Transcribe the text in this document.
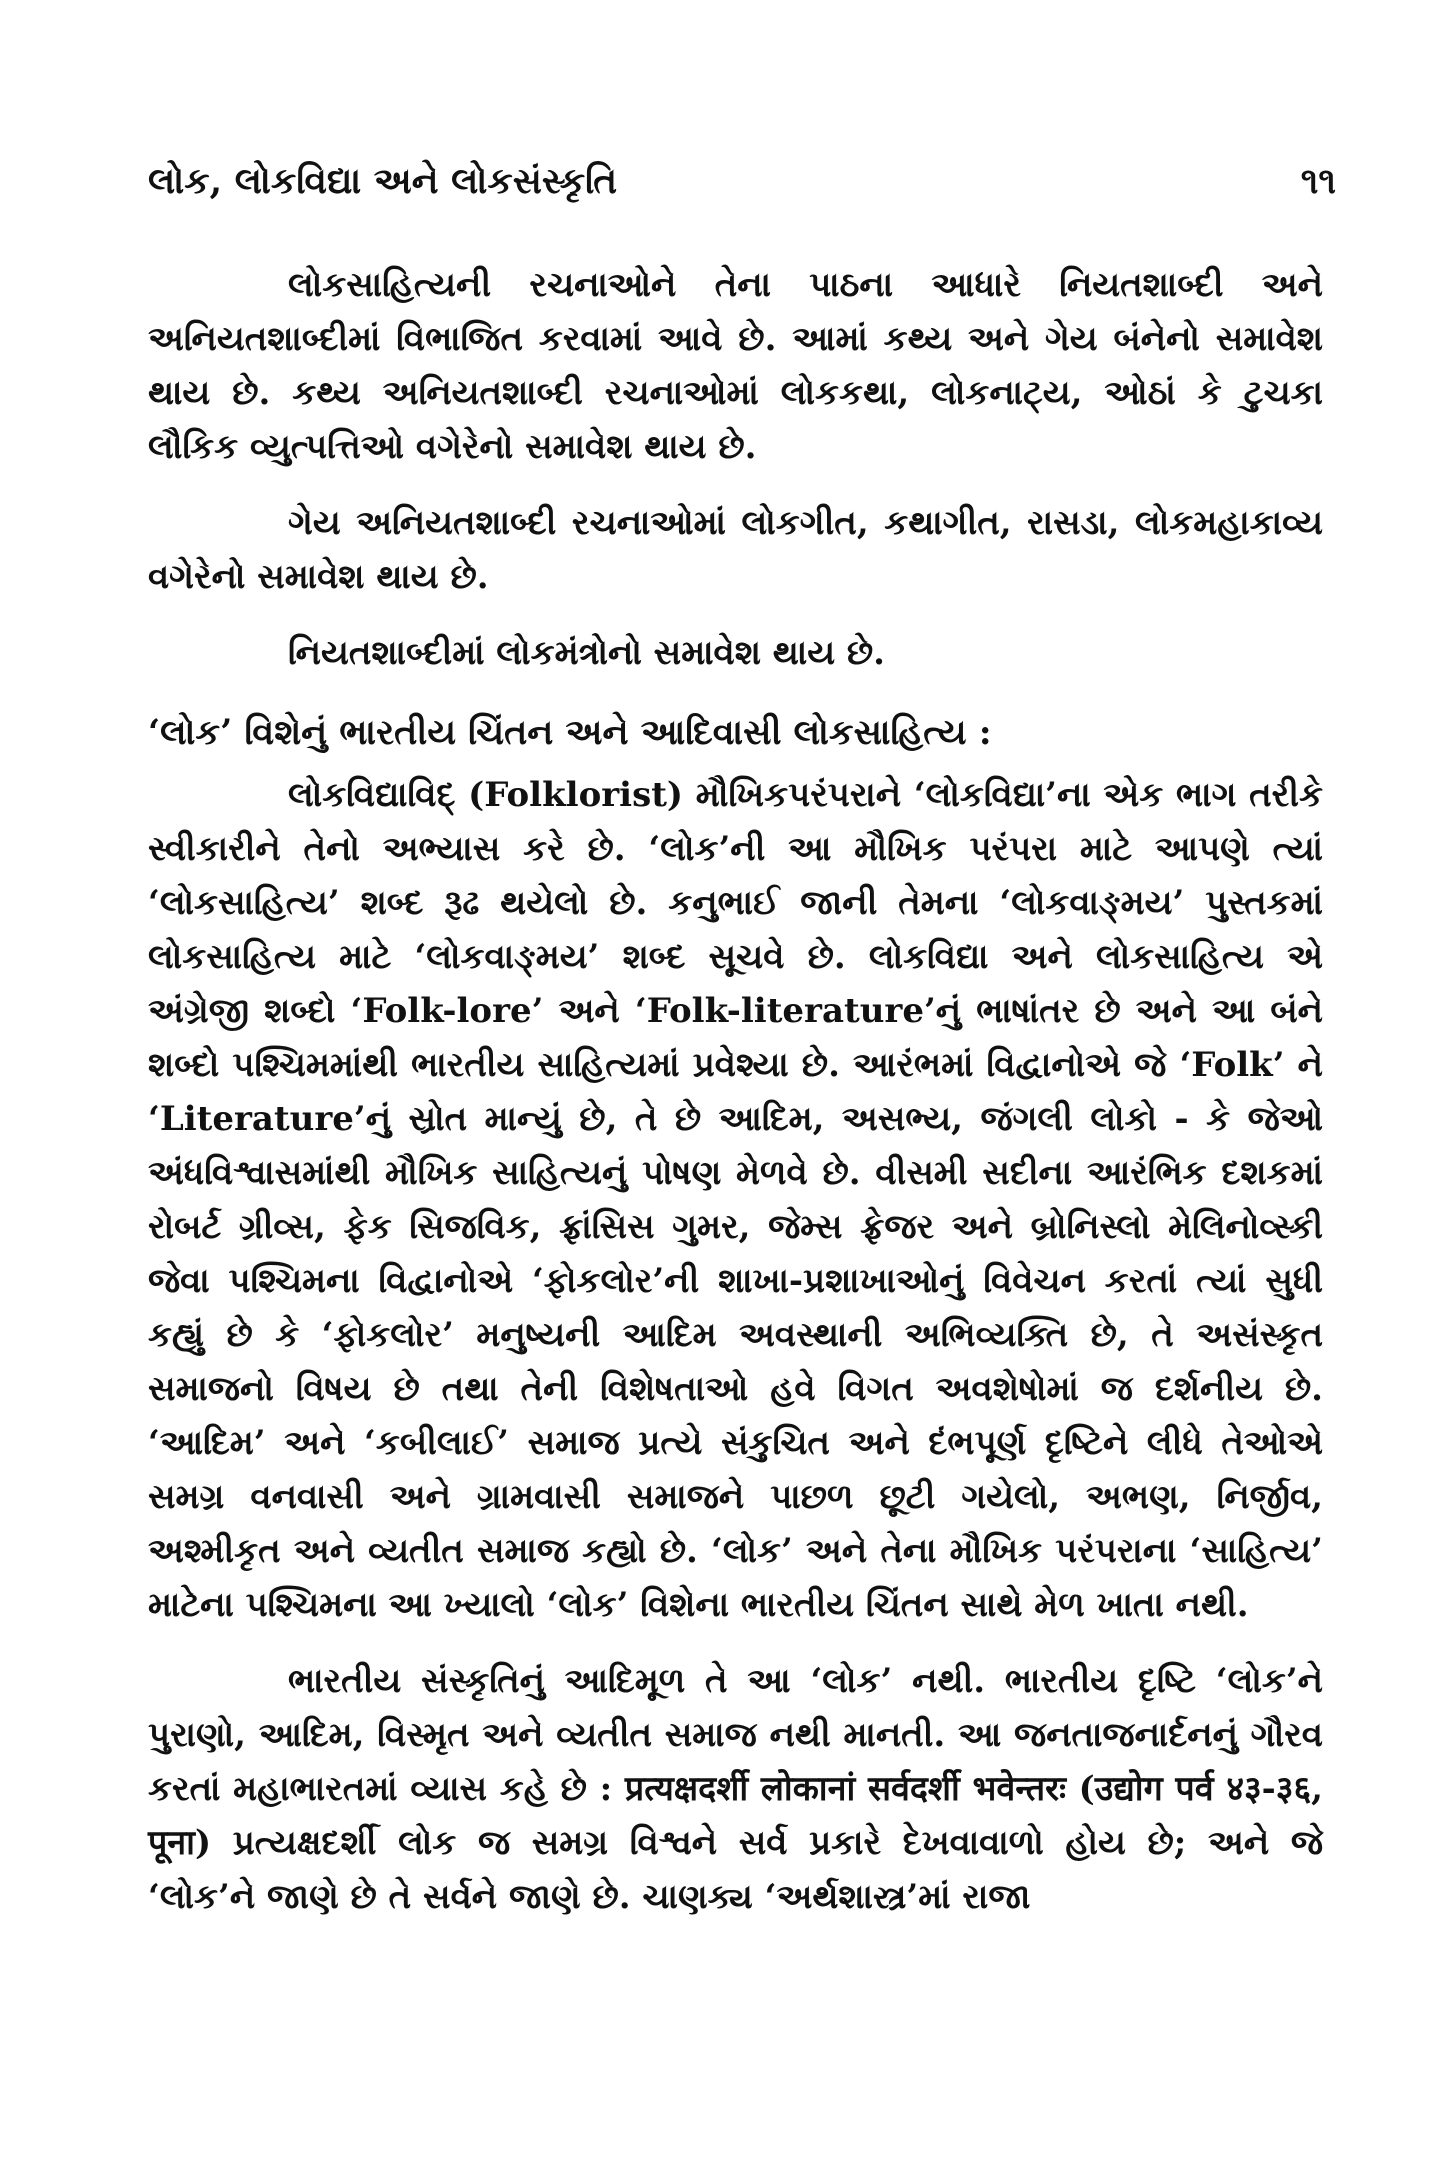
લોક, લોકવિદ્યા અને લોકસંસ્કૃતિ	૧૧

લોકસાહિત્યની રચનાઓને તેના પાઠના આધારે નિયતશાબ્દી અને અનિયતશાબ્દીમાં વિભાજિત કરવામાં આવે છે. આમાં કથ્ય અને ગેય બંનેનો સમાવેશ થાય છે. કથ્ય અનિયતશાબ્દી રચનાઓમાં લોકકથા, લોકનાટ્ય, ઓઠાં કે ટુચકા લૌકિક વ્યુત્પત્તિઓ વગેરેનો સમાવેશ થાય છે.

ગેય અનિયતશાબ્દી રચનાઓમાં લોકગીત, કથાગીત, રાસડા, લોકમહાકાવ્ય વગેરેનો સમાવેશ થાય છે.

નિયતશાબ્દીમાં લોકમંત્રોનો સમાવેશ થાય છે.

‘લોક’ વિશેનું ભારતીય ચિંતન અને આદિવાસી લોકસાહિત્ય :

લોકવિદ્યાવિદ્ (Folklorist) મૌખિકપરંપરાને ‘લોકવિદ્યા’ના એક ભાગ તરીકે સ્વીકારીને તેનો અભ્યાસ કરે છે. ‘લોક’ની આ મૌખિક પરંપરા માટે આપણે ત્યાં ‘લોકસાહિત્ય’ શબ્દ રૂઢ થયેલો છે. કનુભાઈ જાની તેમના ‘લોકવાઙ્મય’ પુસ્તકમાં લોકસાહિત્ય માટે ‘લોકવાઙ્મય’ શબ્દ સૂચવે છે. લોકવિદ્યા અને લોકસાહિત્ય એ અંગ્રેજી શબ્દો ‘Folk-lore’ અને ‘Folk-literature’નું ભાષાંતર છે અને આ બંને શબ્દો પશ્ચિમમાંથી ભારતીય સાહિત્યમાં પ્રવેશ્યા છે. આરંભમાં વિદ્વાનોએ જે ‘Folk’ ને ‘Literature’નું સ્રોત માન્યું છે, તે છે આદિમ, અસભ્ય, જંગલી લોકો - કે જેઓ અંધવિશ્વાસમાંથી મૌખિક સાહિત્યનું પોષણ મેળવે છે. વીસમી સદીના આરંભિક દશકમાં રોબર્ટ ગ્રીવ્સ, ફેક સિજવિક, ફ્રાંસિસ ગુમર, જેમ્સ ફ્રેજર અને બ્રોનિસ્લો મેલિનોવ્સ્કી જેવા પશ્ચિમના વિદ્વાનોએ ‘ફોકલોર’ની શાખા-પ્રશાખાઓનું વિવેચન કરતાં ત્યાં સુધી કહ્યું છે કે ‘ફોકલોર’ મનુષ્યની આદિમ અવસ્થાની અભિવ્યક્તિ છે, તે અસંસ્કૃત સમાજનો વિષય છે તથા તેની વિશેષતાઓ હવે વિગત અવશેષોમાં જ દર્શનીય છે. ‘આદિમ’ અને ‘કબીલાઈ’ સમાજ પ્રત્યે સંકુચિત અને દંભપૂર્ણ દૃષ્ટિને લીધે તેઓએ સમગ્ર વનવાસી અને ગ્રામવાસી સમાજને પાછળ છૂટી ગયેલો, અભણ, નિર્જીવ, અશ્મીકૃત અને વ્યતીત સમાજ કહ્યો છે. ‘લોક’ અને તેના મૌખિક પરંપરાના ‘સાહિત્ય’ માટેના પશ્ચિમના આ ખ્યાલો ‘લોક’ વિશેના ભારતીય ચિંતન સાથે મેળ ખાતા નથી.

ભારતીય સંસ્કૃતિનું આદિમૂળ તે આ ‘લોક’ નથી. ભારતીય દૃષ્ટિ ‘લોક’ને પુરાણો, આદિમ, વિસ્મૃત અને વ્યતીત સમાજ નથી માનતી. આ જનતાજનાર્દનનું ગૌરવ કરતાં મહાભારતમાં વ્યાસ કહે છે : प्रत्यक्षदर्शी लोकानां सर्वदर्शी भवेन्तरः (उद्योग पर्व ४३-३६, पूना) પ્રત્યક્ષદર્શી લોક જ સમગ્ર વિશ્વને સર્વ પ્રકારે દેખવાવાળો હોય છે; અને જે ‘લોક’ને જાણે છે તે સર્વને જાણે છે. ચાણક્ય ‘અર્થશાસ્ત્ર’માં રાજા
